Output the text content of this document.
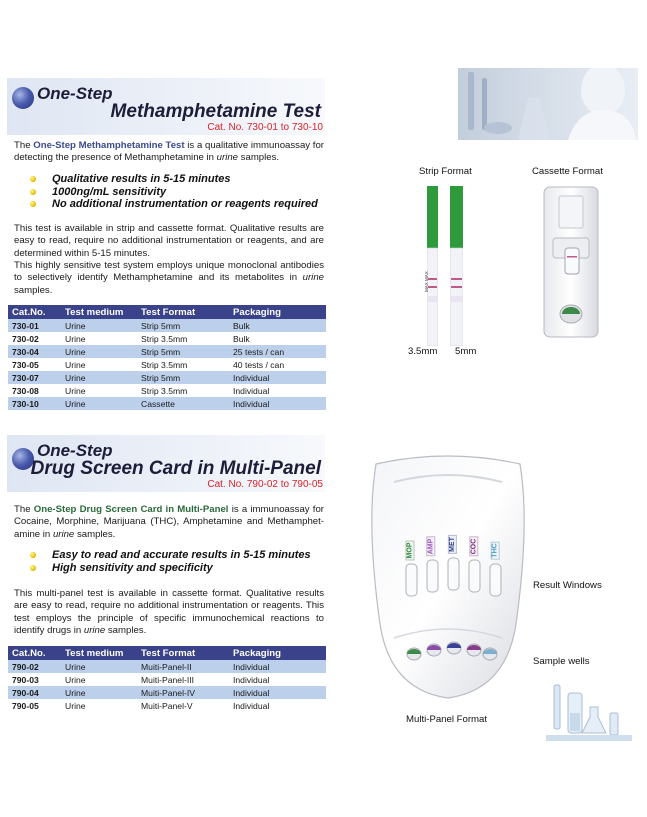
One-Step
Methamphetamine Test
Cat. No. 730-01 to 730-10

The One-Step Methamphetamine Test is a qualitative immunoassay for detecting the presence of Methamphetamine in urine samples.

Qualitative results in 5-15 minutes
1000ng/mL sensitivity
No additional instrumentation or reagents required

This test is available in strip and cassette format. Qualitative results are easy to read, require no additional instrumentation or reagents, and are determined within 5-15 minutes.

This highly sensitive test system employs unique monoclonal antibodies to selectively identify Methamphetamine and its metabolites in urine samples.

Cat.No.	Test medium	Test Format	Packaging
730-01	Urine	Strip 5mm	Bulk
730-02	Urine	Strip 3.5mm	Bulk
730-04	Urine	Strip 5mm	25 tests / can
730-05	Urine	Strip 3.5mm	40 tests / can
730-07	Urine	Strip 5mm	Individual
730-08	Urine	Strip 3.5mm	Individual
730-10	Urine	Cassette	Individual
Strip Format	Cassette Format
MAX MAX
3.5mm 5mm
One-Step
Drug Screen Card in Multi-Panel
Cat. No. 790-02 to 790-05

The One-Step Drug Screen Card in Multi-Panel is a immunoassay for Cocaine, Morphine, Marijuana (THC), Amphetamine and Methamphet-amine in urine samples.

Easy to read and accurate results in 5-15 minutes
High sensitivity and specificity

This multi-panel test is available in cassette format. Qualitative results are easy to read, require no additional instrumentation or reagents. This test employs the principle of specific immunochemical reactions to identify drugs in urine samples.

Cat.No.	Test medium	Test Format	Packaging
790-02	Urine	Muiti-Panel-II	Individual
790-03	Urine	Muiti-Panel-III	Individual
790-04	Urine	Muiti-Panel-IV	Individual
790-05	Urine	Muiti-Panel-V	Individual
MOP AMP MET COC THC
Result Windows
Sample wells
Multi-Panel Format
